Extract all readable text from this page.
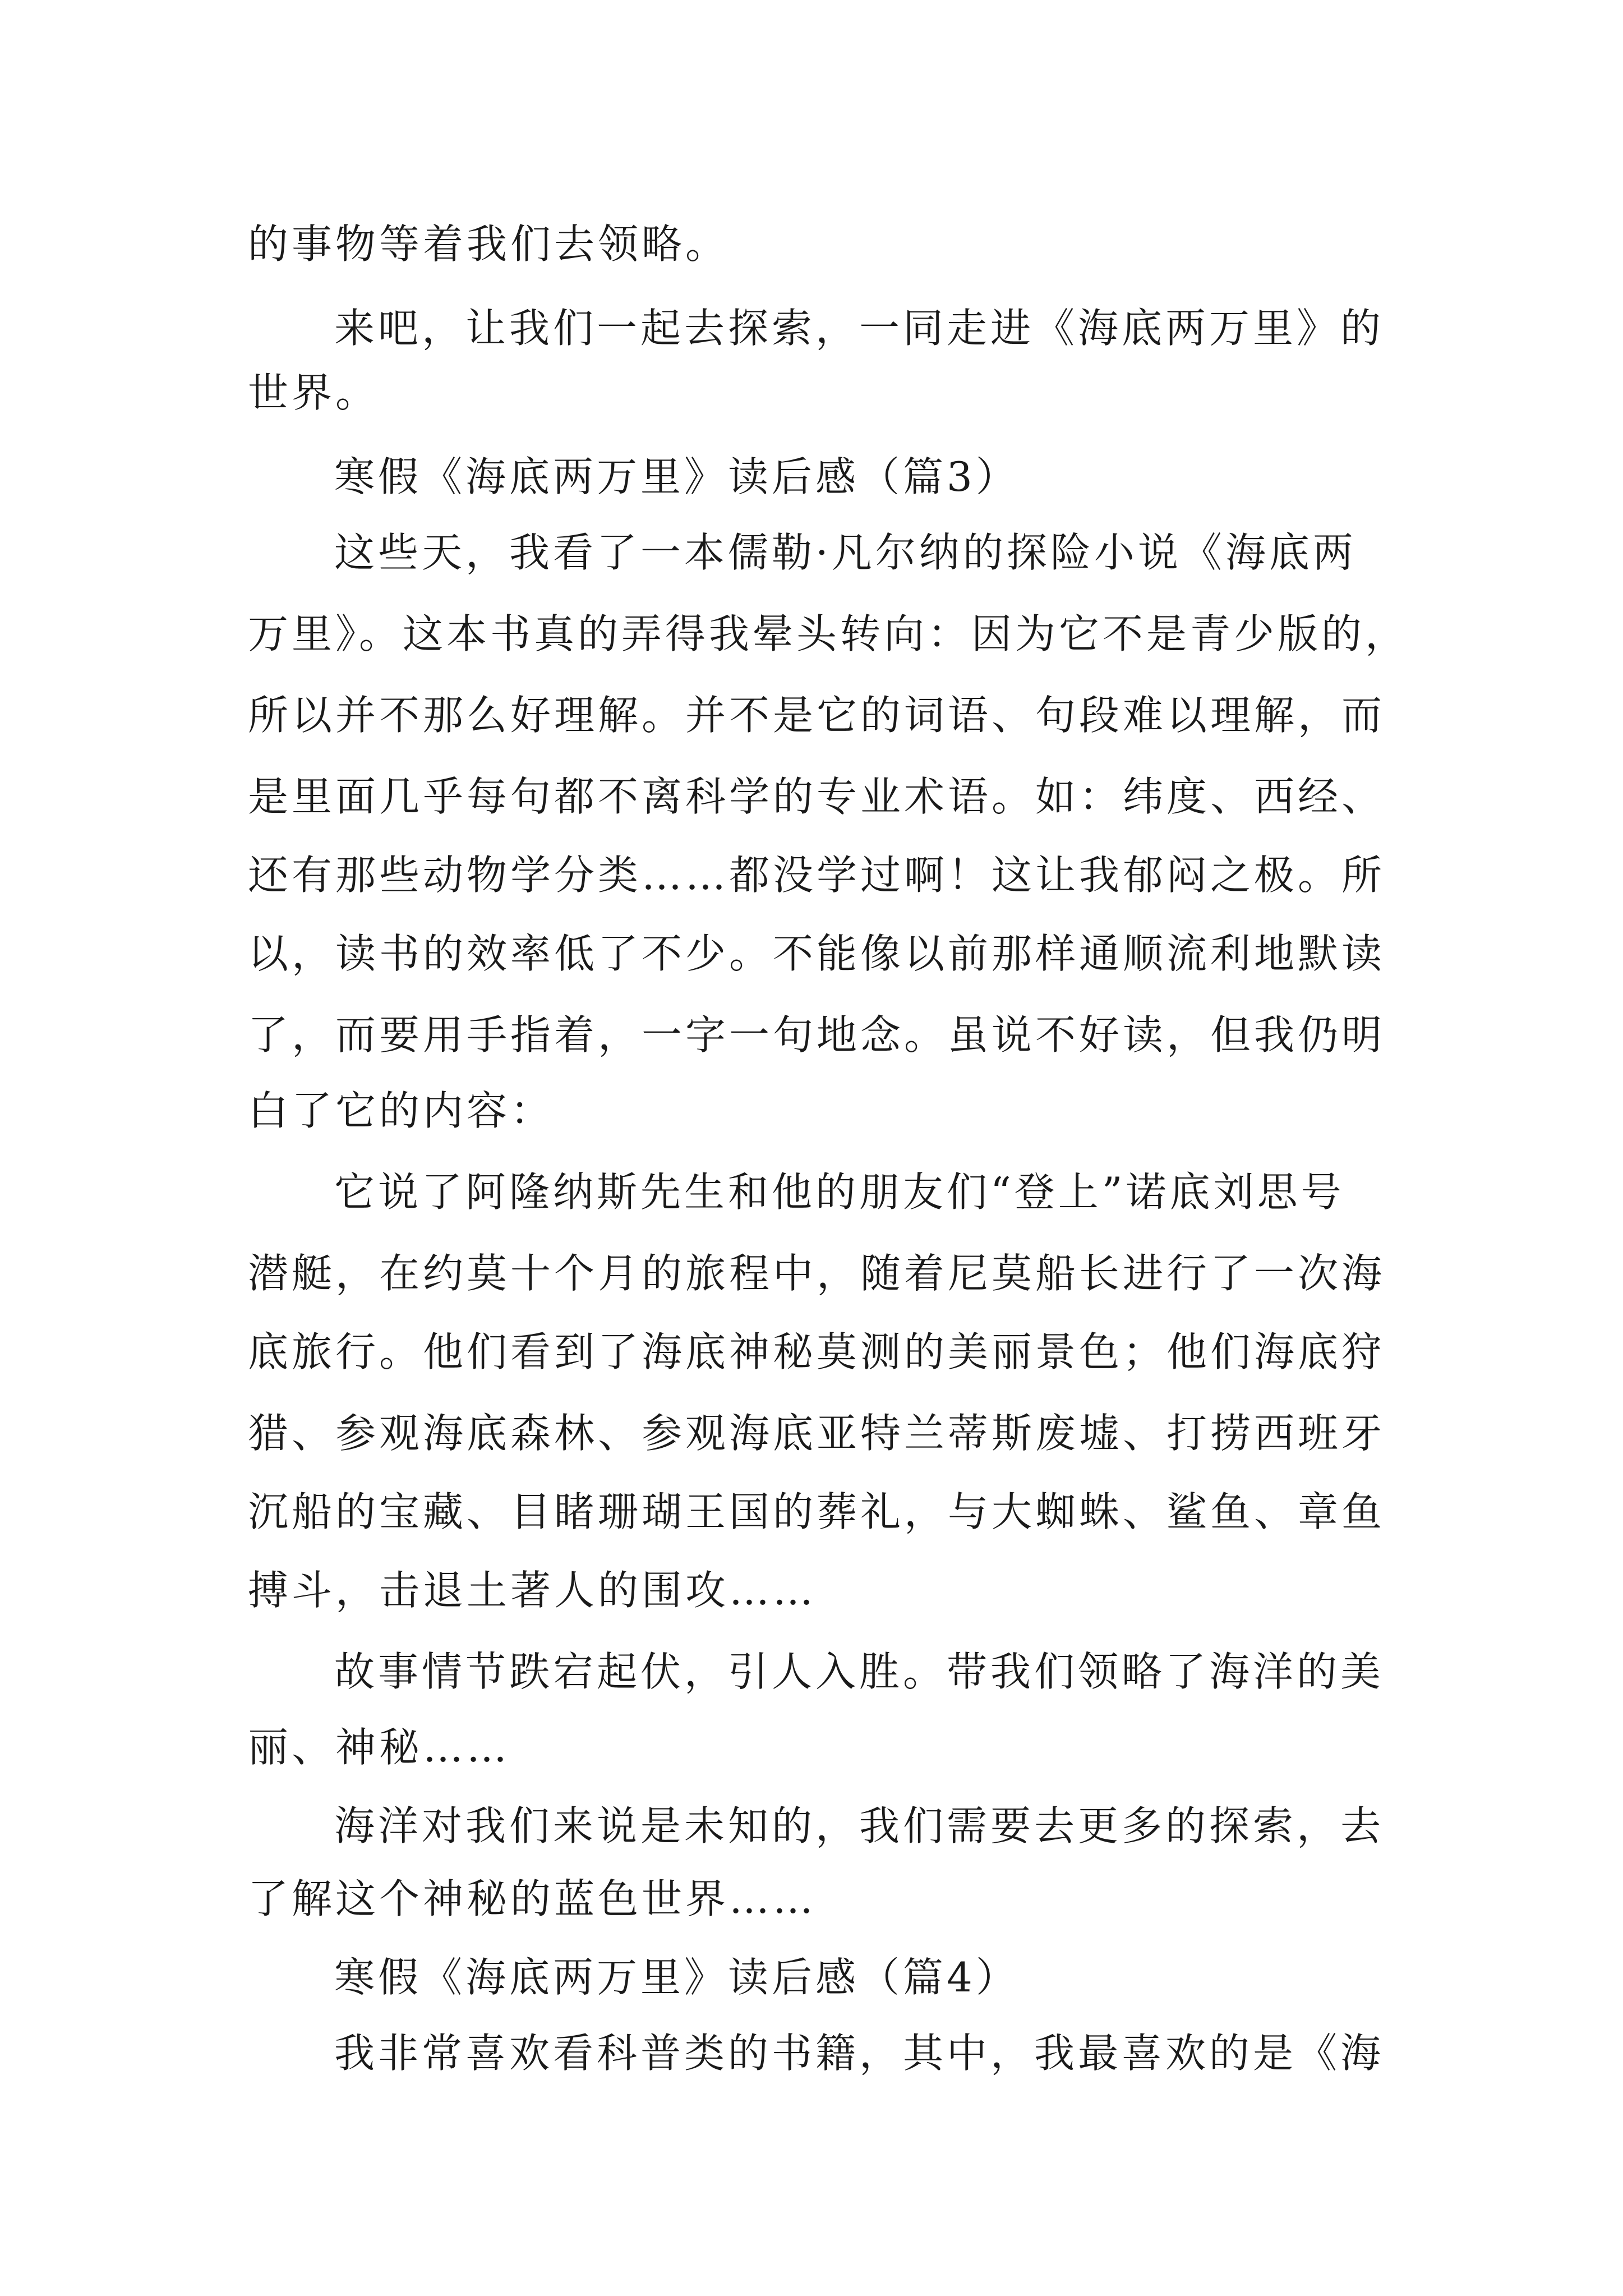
的事物等着我们去领略。
来吧，让我们一起去探索，一同走进《海底两万里》的
世界。
寒假《海底两万里》读后感（篇3）
这些天，我看了一本儒勒·凡尔纳的探险小说《海底两
万里》。这本书真的弄得我晕头转向：因为它不是青少版的，
所以并不那么好理解。并不是它的词语、句段难以理解，而
是里面几乎每句都不离科学的专业术语。如：纬度、西经、
还有那些动物学分类……都没学过啊！这让我郁闷之极。所
以，读书的效率低了不少。不能像以前那样通顺流利地默读
了，而要用手指着，一字一句地念。虽说不好读，但我仍明
白了它的内容：
它说了阿隆纳斯先生和他的朋友们“登上”诺底刘思号
潜艇，在约莫十个月的旅程中，随着尼莫船长进行了一次海
底旅行。他们看到了海底神秘莫测的美丽景色；他们海底狩
猎、参观海底森林、参观海底亚特兰蒂斯废墟、打捞西班牙
沉船的宝藏、目睹珊瑚王国的葬礼，与大蜘蛛、鲨鱼、章鱼
搏斗，击退土著人的围攻……
故事情节跌宕起伏，引人入胜。带我们领略了海洋的美
丽、神秘……
海洋对我们来说是未知的，我们需要去更多的探索，去
了解这个神秘的蓝色世界……
寒假《海底两万里》读后感（篇4）
我非常喜欢看科普类的书籍，其中，我最喜欢的是《海
